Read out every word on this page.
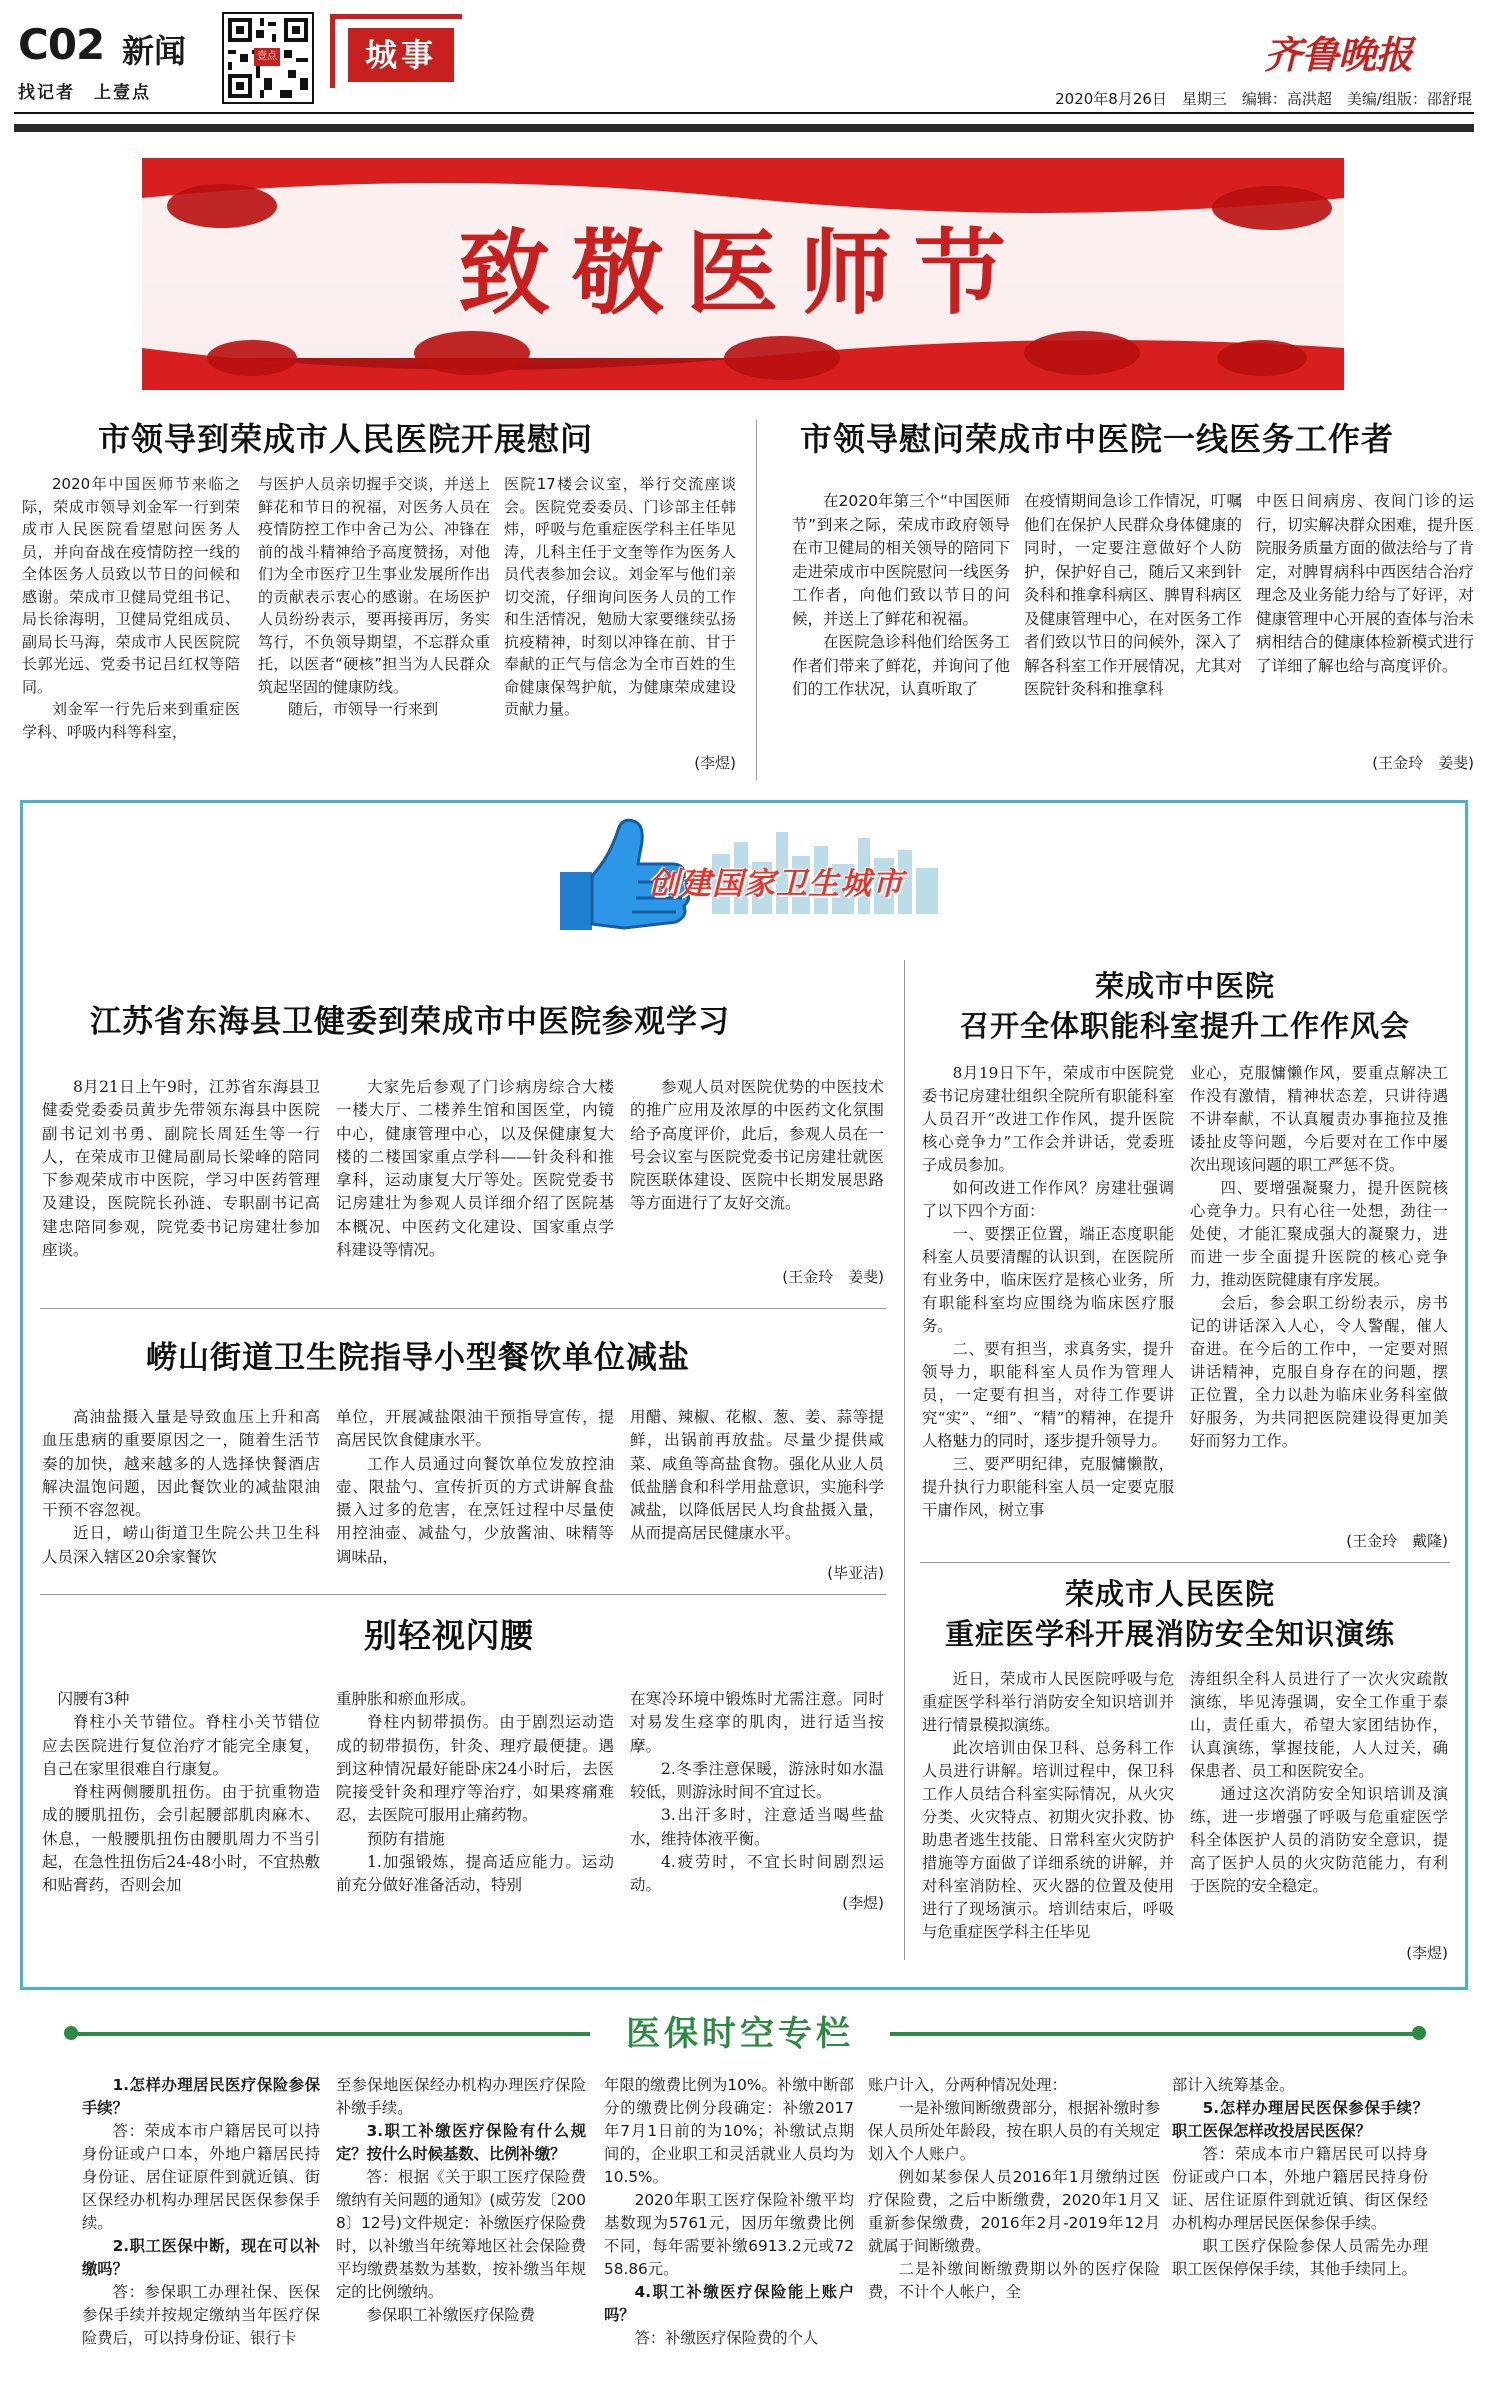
C02 新闻
找记者　上壹点
壹点	城事	齐鲁晚报
2020年8月26日　星期三　编辑：高洪超　美编/组版：邵舒琨
致敬医师节
市领导到荣成市人民医院开展慰问

2020年中国医师节来临之际，荣成市领导刘金军一行到荣成市人民医院看望慰问医务人员，并向奋战在疫情防控一线的全体医务人员致以节日的问候和感谢。荣成市卫健局党组书记、局长徐海明，卫健局党组成员、副局长马海，荣成市人民医院院长郭光远、党委书记吕红权等陪同。

刘金军一行先后来到重症医学科、呼吸内科等科室，

与医护人员亲切握手交谈，并送上鲜花和节日的祝福，对医务人员在疫情防控工作中舍己为公、冲锋在前的战斗精神给予高度赞扬，对他们为全市医疗卫生事业发展所作出的贡献表示衷心的感谢。在场医护人员纷纷表示，要再接再厉，务实笃行，不负领导期望，不忘群众重托，以医者“硬核”担当为人民群众筑起坚固的健康防线。

随后，市领导一行来到

医院17楼会议室，举行交流座谈会。医院党委委员、门诊部主任韩炜，呼吸与危重症医学科主任毕见涛，儿科主任于文奎等作为医务人员代表参加会议。刘金军与他们亲切交流，仔细询问医务人员的工作和生活情况，勉励大家要继续弘扬抗疫精神，时刻以冲锋在前、甘于奉献的正气与信念为全市百姓的生命健康保驾护航，为健康荣成建设贡献力量。

(李煜)
市领导慰问荣成市中医院一线医务工作者

在2020年第三个“中国医师节”到来之际，荣成市政府领导在市卫健局的相关领导的陪同下走进荣成市中医院慰问一线医务工作者，向他们致以节日的问候，并送上了鲜花和祝福。

在医院急诊科他们给医务工作者们带来了鲜花，并询问了他们的工作状况，认真听取了

在疫情期间急诊工作情况，叮嘱他们在保护人民群众身体健康的同时，一定要注意做好个人防护，保护好自己，随后又来到针灸科和推拿科病区、脾胃科病区及健康管理中心，在对医务工作者们致以节日的问候外，深入了解各科室工作开展情况，尤其对医院针灸科和推拿科

中医日间病房、夜间门诊的运行，切实解决群众困难，提升医院服务质量方面的做法给与了肯定，对脾胃病科中西医结合治疗理念及业务能力给与了好评，对健康管理中心开展的查体与治未病相结合的健康体检新模式进行了详细了解也给与高度评价。

(王金玲　姜斐)
创建国家卫生城市
江苏省东海县卫健委到荣成市中医院参观学习

8月21日上午9时，江苏省东海县卫健委党委委员黄步先带领东海县中医院副书记刘书勇、副院长周廷生等一行人，在荣成市卫健局副局长梁峰的陪同下参观荣成市中医院，学习中医药管理及建设，医院院长孙涟、专职副书记高建忠陪同参观，院党委书记房建壮参加座谈。

大家先后参观了门诊病房综合大楼一楼大厅、二楼养生馆和国医堂，内镜中心，健康管理中心，以及保健康复大楼的二楼国家重点学科——针灸科和推拿科，运动康复大厅等处。医院党委书记房建壮为参观人员详细介绍了医院基本概况、中医药文化建设、国家重点学科建设等情况。

参观人员对医院优势的中医技术的推广应用及浓厚的中医药文化氛围给予高度评价，此后，参观人员在一号会议室与医院党委书记房建壮就医院医联体建设、医院中长期发展思路等方面进行了友好交流。

(王金玲　姜斐)
崂山街道卫生院指导小型餐饮单位减盐

高油盐摄入量是导致血压上升和高血压患病的重要原因之一，随着生活节奏的加快，越来越多的人选择快餐酒店解决温饱问题，因此餐饮业的减盐限油干预不容忽视。

近日，崂山街道卫生院公共卫生科人员深入辖区20余家餐饮

单位，开展减盐限油干预指导宣传，提高居民饮食健康水平。

工作人员通过向餐饮单位发放控油壶、限盐勺、宣传折页的方式讲解食盐摄入过多的危害，在烹饪过程中尽量使用控油壶、减盐勺，少放酱油、味精等调味品，

用醋、辣椒、花椒、葱、姜、蒜等提鲜，出锅前再放盐。尽量少提供咸菜、咸鱼等高盐食物。强化从业人员低盐膳食和科学用盐意识，实施科学减盐，以降低居民人均食盐摄入量，从而提高居民健康水平。

(毕亚洁)
别轻视闪腰

闪腰有3种

脊柱小关节错位。脊柱小关节错位应去医院进行复位治疗才能完全康复，自己在家里很难自行康复。

脊柱两侧腰肌扭伤。由于抗重物造成的腰肌扭伤，会引起腰部肌肉麻木、休息，一般腰肌扭伤由腰肌周力不当引起，在急性扭伤后24-48小时，不宜热敷和贴膏药，否则会加

重肿胀和瘀血形成。

脊柱内韧带损伤。由于剧烈运动造成的韧带损伤，针灸、理疗最便捷。遇到这种情况最好能卧床24小时后，去医院接受针灸和理疗等治疗，如果疼痛难忍，去医院可服用止痛药物。

预防有措施

1.加强锻炼，提高适应能力。运动前充分做好准备活动，特别

在寒冷环境中锻炼时尤需注意。同时对易发生痉挛的肌肉，进行适当按摩。

2.冬季注意保暖，游泳时如水温较低，则游泳时间不宜过长。

3.出汗多时，注意适当喝些盐水，维持体液平衡。

4.疲劳时，不宜长时间剧烈运动。

(李煜)
荣成市中医院
召开全体职能科室提升工作作风会

8月19日下午，荣成市中医院党委书记房建壮组织全院所有职能科室人员召开“改进工作作风，提升医院核心竞争力”工作会并讲话，党委班子成员参加。

如何改进工作作风？房建壮强调了以下四个方面：

一、要摆正位置，端正态度职能科室人员要清醒的认识到，在医院所有业务中，临床医疗是核心业务，所有职能科室均应围绕为临床医疗服务。

二、要有担当，求真务实，提升领导力，职能科室人员作为管理人员，一定要有担当，对待工作要讲究“实”、“细”、“精”的精神，在提升人格魅力的同时，逐步提升领导力。

三、要严明纪律，克服慵懒散，提升执行力职能科室人员一定要克服干庸作风，树立事

业心，克服慵懒作风，要重点解决工作没有激情，精神状态差，只讲待遇不讲奉献，不认真履责办事拖拉及推诿扯皮等问题，今后要对在工作中屡次出现该问题的职工严惩不贷。

四、要增强凝聚力，提升医院核心竞争力。只有心往一处想，劲往一处使，才能汇聚成强大的凝聚力，进而进一步全面提升医院的核心竞争力，推动医院健康有序发展。

会后，参会职工纷纷表示，房书记的讲话深入人心，令人警醒，催人奋进。在今后的工作中，一定要对照讲话精神，克服自身存在的问题，摆正位置，全力以赴为临床业务科室做好服务，为共同把医院建设得更加美好而努力工作。

(王金玲　戴隆)
荣成市人民医院
重症医学科开展消防安全知识演练

近日，荣成市人民医院呼吸与危重症医学科举行消防安全知识培训并进行情景模拟演练。

此次培训由保卫科、总务科工作人员进行讲解。培训过程中，保卫科工作人员结合科室实际情况，从火灾分类、火灾特点、初期火灾扑救、协助患者逃生技能、日常科室火灾防护措施等方面做了详细系统的讲解，并对科室消防栓、灭火器的位置及使用进行了现场演示。培训结束后，呼吸与危重症医学科主任毕见

涛组织全科人员进行了一次火灾疏散演练，毕见涛强调，安全工作重于泰山，责任重大，希望大家团结协作，认真演练，掌握技能，人人过关，确保患者、员工和医院安全。

通过这次消防安全知识培训及演练，进一步增强了呼吸与危重症医学科全体医护人员的消防安全意识，提高了医护人员的火灾防范能力，有利于医院的安全稳定。

(李煜)
医保时空专栏

1.怎样办理居民医疗保险参保手续？

答：荣成本市户籍居民可以持身份证或户口本，外地户籍居民持身份证、居住证原件到就近镇、街区保经办机构办理居民医保参保手续。

2.职工医保中断，现在可以补缴吗？

答：参保职工办理社保、医保参保手续并按规定缴纳当年医疗保险费后，可以持身份证、银行卡

至参保地医保经办机构办理医疗保险补缴手续。

3.职工补缴医疗保险有什么规定？按什么时候基数、比例补缴？

答：根据《关于职工医疗保险费缴纳有关问题的通知》(威劳发〔2008〕12号)文件规定：补缴医疗保险费时，以补缴当年统筹地区社会保险费平均缴费基数为基数，按补缴当年规定的比例缴纳。

参保职工补缴医疗保险费

年限的缴费比例为10%。补缴中断部分的缴费比例分段确定：补缴2017年7月1日前的为10%；补缴试点期间的，企业职工和灵活就业人员均为10.5%。

2020年职工医疗保险补缴平均基数现为5761元，因历年缴费比例不同，每年需要补缴6913.2元或7258.86元。

4.职工补缴医疗保险能上账户吗？

答：补缴医疗保险费的个人

账户计入，分两种情况处理：

一是补缴间断缴费部分，根据补缴时参保人员所处年龄段，按在职人员的有关规定划入个人账户。

例如某参保人员2016年1月缴纳过医疗保险费，之后中断缴费，2020年1月又重新参保缴费，2016年2月-2019年12月就属于间断缴费。

二是补缴间断缴费期以外的医疗保险费，不计个人帐户，全

部计入统筹基金。

5.怎样办理居民医保参保手续？职工医保怎样改投居民医保？

答：荣成本市户籍居民可以持身份证或户口本，外地户籍居民持身份证、居住证原件到就近镇、街区保经办机构办理居民医保参保手续。

职工医疗保险参保人员需先办理职工医保停保手续，其他手续同上。
